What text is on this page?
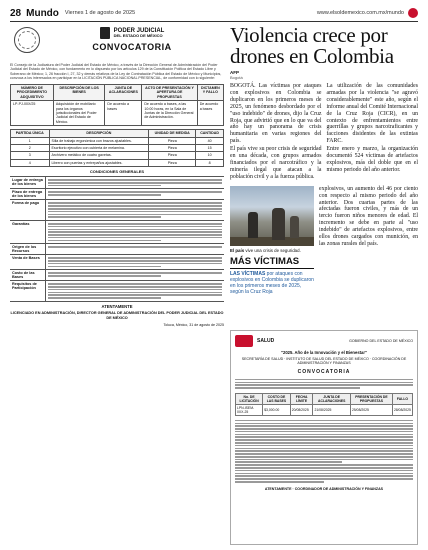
28 Mundo Viernes 1 de agosto de 2025	www.elsoldemexico.com.mx/mundo
PODER JUDICIAL
DEL ESTADO DE MÉXICO
CONVOCATORIA
El Consejo de la Judicatura del Poder Judicial del Estado de México, a través de la Dirección General de Administración del Poder Judicial del Estado de México, con fundamento en lo dispuesto por los artículos 129 de la Constitución Política del Estado Libre y Soberano de México; 1, 26 fracción I, 27, 32 y demás relativos de la Ley de Contratación Pública del Estado de México y Municipios, convoca a los interesados en participar en la LICITACIÓN PÚBLICA NACIONAL PRESENCIAL, de conformidad con lo siguiente:
NÚMERO DE PROCEDIMIENTO ADQUISITIVO	DESCRIPCIÓN DE LOS BIENES	JUNTA DE ACLARACIONES	ACTO DE PRESENTACIÓN Y APERTURA DE PROPUESTAS	DICTAMEN Y FALLO
LP-PJ-00X/25	Adquisición de mobiliario para los órganos jurisdiccionales del Poder Judicial del Estado de México.	De acuerdo a bases	De acuerdo a bases, a las 10:00 horas, en la Sala de Juntas de la Dirección General de Administración.	De acuerdo a bases
PARTIDA ÚNICA	DESCRIPCIÓN	UNIDAD DE MEDIDA	CANTIDAD
1	Silla de trabajo ergonómica con brazos ajustables.	Pieza	40
2	Escritorio ejecutivo con cubierta de melamina.	Pieza	15
3	Archivero metálico de cuatro gavetas.	Pieza	10
4	Librero con puertas y entrepaños ajustables.	Pieza	8
CONDICIONES GENERALES
Lugar de entrega de los bienes
Plazo de entrega de los bienes
Forma de pago
Garantías
Origen de los Recursos
Venta de Bases
Costo de las Bases
Requisitos de Participación
ATENTAMENTE
LICENCIADO EN ADMINISTRACIÓN, DIRECTOR GENERAL DE ADMINISTRACIÓN DEL PODER JUDICIAL DEL ESTADO DE MÉXICO
Toluca, México, 31 de agosto de 2025
Violencia crece por drones en Colombia
AFP
Bogotá

BOGOTÁ. Las víctimas por ataques con explosivos en Colombia se duplicaron en los primeros meses de 2025, un fenómeno desbordado por el "uso indebido" de drones, dijo la Cruz Roja, que advirtió que en lo que va del año hay un panorama de crisis humanitaria en varias regiones del país.

El país vive su peor crisis de seguridad en una década, con grupos armados financiados por el narcotráfico y la minería ilegal que atacan a la población civil y a la fuerza pública.

La utilización de las comunidades armadas por la violencia "se agravó considerablemente" este año, según el informe anual del Comité Internacional de la Cruz Roja (CICR), en un contexto de enfrentamientos entre guerrillas y grupos narcotraficantes y facciones disidentes de las extintas FARC.

Entre enero y marzo, la organización documentó 524 víctimas de artefactos explosivos, más del doble que en el mismo periodo del año anterior.

El país vive una crisis de seguridad.
MÁS VÍCTIMAS
LAS VÍCTIMAS por ataques con explosivos en Colombia se duplicaron en los primeros meses de 2025, según la Cruz Roja

explosivos, un aumento del 46 por ciento con respecto al mismo periodo del año anterior. Dos cuartas partes de las afectadas fueron civiles, y más de un tercio fueron niños menores de edad. El incremento se debe en parte al "uso indebido" de artefactos explosivos, entre ellos drones cargados con munición, en las zonas rurales del país.

SALUD	GOBIERNO DEL ESTADO DE MÉXICO
"2025. Año de la Innovación y el Bienestar"
SECRETARÍA DE SALUD · INSTITUTO DE SALUD DEL ESTADO DE MÉXICO · COORDINACIÓN DE ADMINISTRACIÓN Y FINANZAS
CONVOCATORIA
No. DE LICITACIÓN	COSTO DE LAS BASES	FECHA LÍMITE	JUNTA DE ACLARACIONES	PRESENTACIÓN DE PROPUESTAS	FALLO
LPN-ISEM-0XX-25	$3,000.00	20/08/2025	21/08/2025	25/08/2025	28/08/2025
ATENTAMENTE · COORDINADOR DE ADMINISTRACIÓN Y FINANZAS
